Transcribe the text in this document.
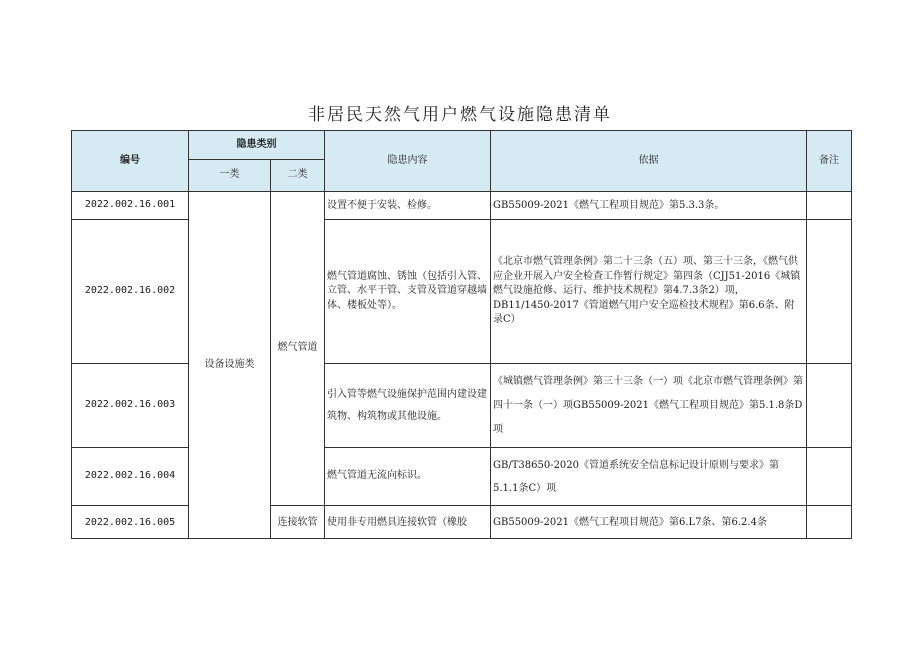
非居民天然气用户燃气设施隐患清单
编号	隐患类别		隐患内容	依据	备注
	一类	二类			
2022.002.16.001	设备设施类	燃气管道	设置不便于安装、检修。	GB55009-2021《燃气工程项目规范》第5.3.3条。	
2022.002.16.002			燃气管道腐蚀、锈蚀（包括引入管、立管、水平干管、支管及管道穿越墙体、楼板处等）。	《北京市燃气管理条例》第二十三条（五）项、第三十三条，《燃气供应企业开展入户安全检查工作暂行规定》第四条（CJJ51-2016《城镇燃气设施抢修、运行、维护技术规程》第4.7.3条2）项，DB11/1450-2017《管道燃气用户安全巡检技术规程》第6.6条、附录C）	
2022.002.16.003			引入管等燃气设施保护范围内建设建筑物、构筑物或其他设施。	《城镇燃气管理条例》第三十三条（一）项《北京市燃气管理条例》第四十一条（一）项GB55009-2021《燃气工程项目规范》第5.1.8条D项	
2022.002.16.004			燃气管道无流向标识。	GB/T38650-2020《管道系统安全信息标记设计原则与要求》第5.1.1条C）项	
2022.002.16.005		连接软管	使用非专用燃具连接软管（橡胶	GB55009-2021《燃气工程项目规范》第6.L7条、第6.2.4条	
